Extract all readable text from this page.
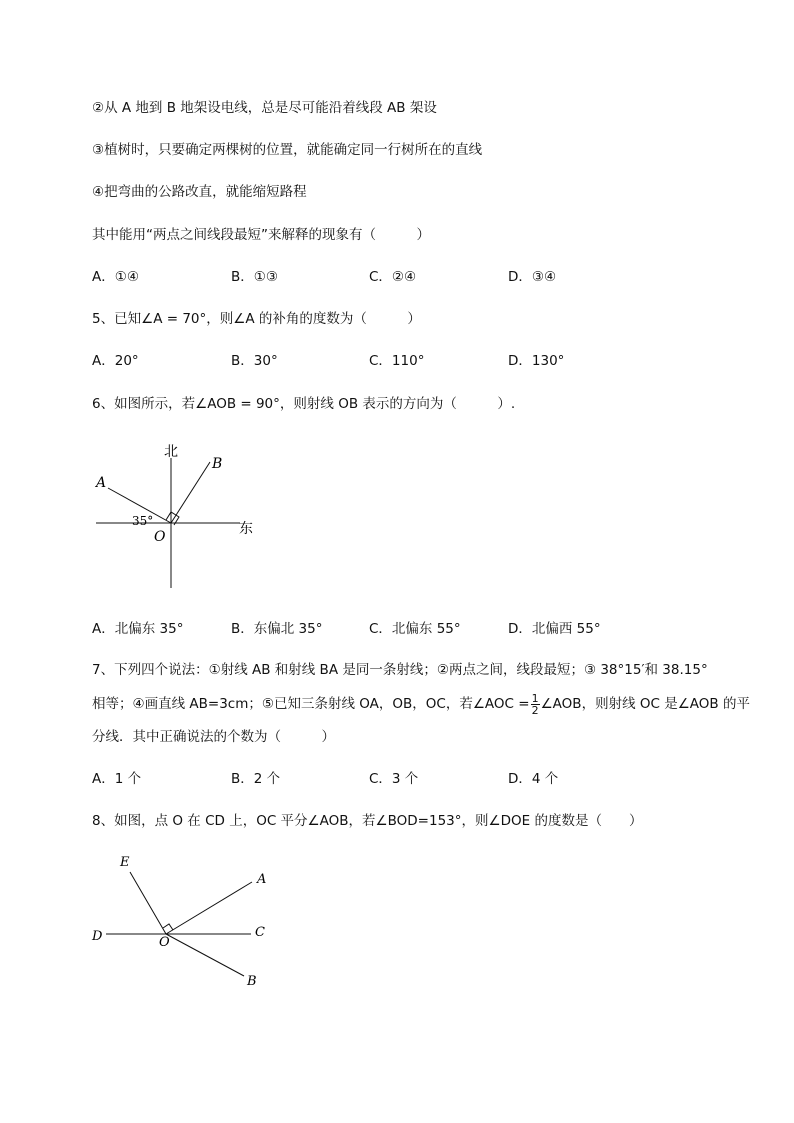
②从 A 地到 B 地架设电线，总是尽可能沿着线段 AB 架设
③植树时，只要确定两棵树的位置，就能确定同一行树所在的直线
④把弯曲的公路改直，就能缩短路程
其中能用“两点之间线段最短”来解释的现象有（　　　）
A．①④	B．①③	C．②④	D．③④
5、已知∠A = 70°，则∠A 的补角的度数为（　　　）
A．20°	B．30°	C．110°	D．130°
6、如图所示，若∠AOB = 90°，则射线 OB 表示的方向为（　　　）.
北
东
A
B
O
35°
A．北偏东 35°	B．东偏北 35°	C．北偏东 55°	D．北偏西 55°
7、下列四个说法：①射线 AB 和射线 BA 是同一条射线；②两点之间，线段最短；③ 38°15′和 38.15°
相等；④画直线 AB=3cm；⑤已知三条射线 OA，OB，OC，若∠AOC = $\frac{1}{2}$ ∠AOB，则射线 OC 是∠AOB 的平
分线．其中正确说法的个数为（　　　）
A．1 个	B．2 个	C．3 个	D．4 个
8、如图，点 O 在 CD 上，OC 平分∠AOB，若∠BOD=153°，则∠DOE 的度数是（　　）
E
A
D	O
C
B
